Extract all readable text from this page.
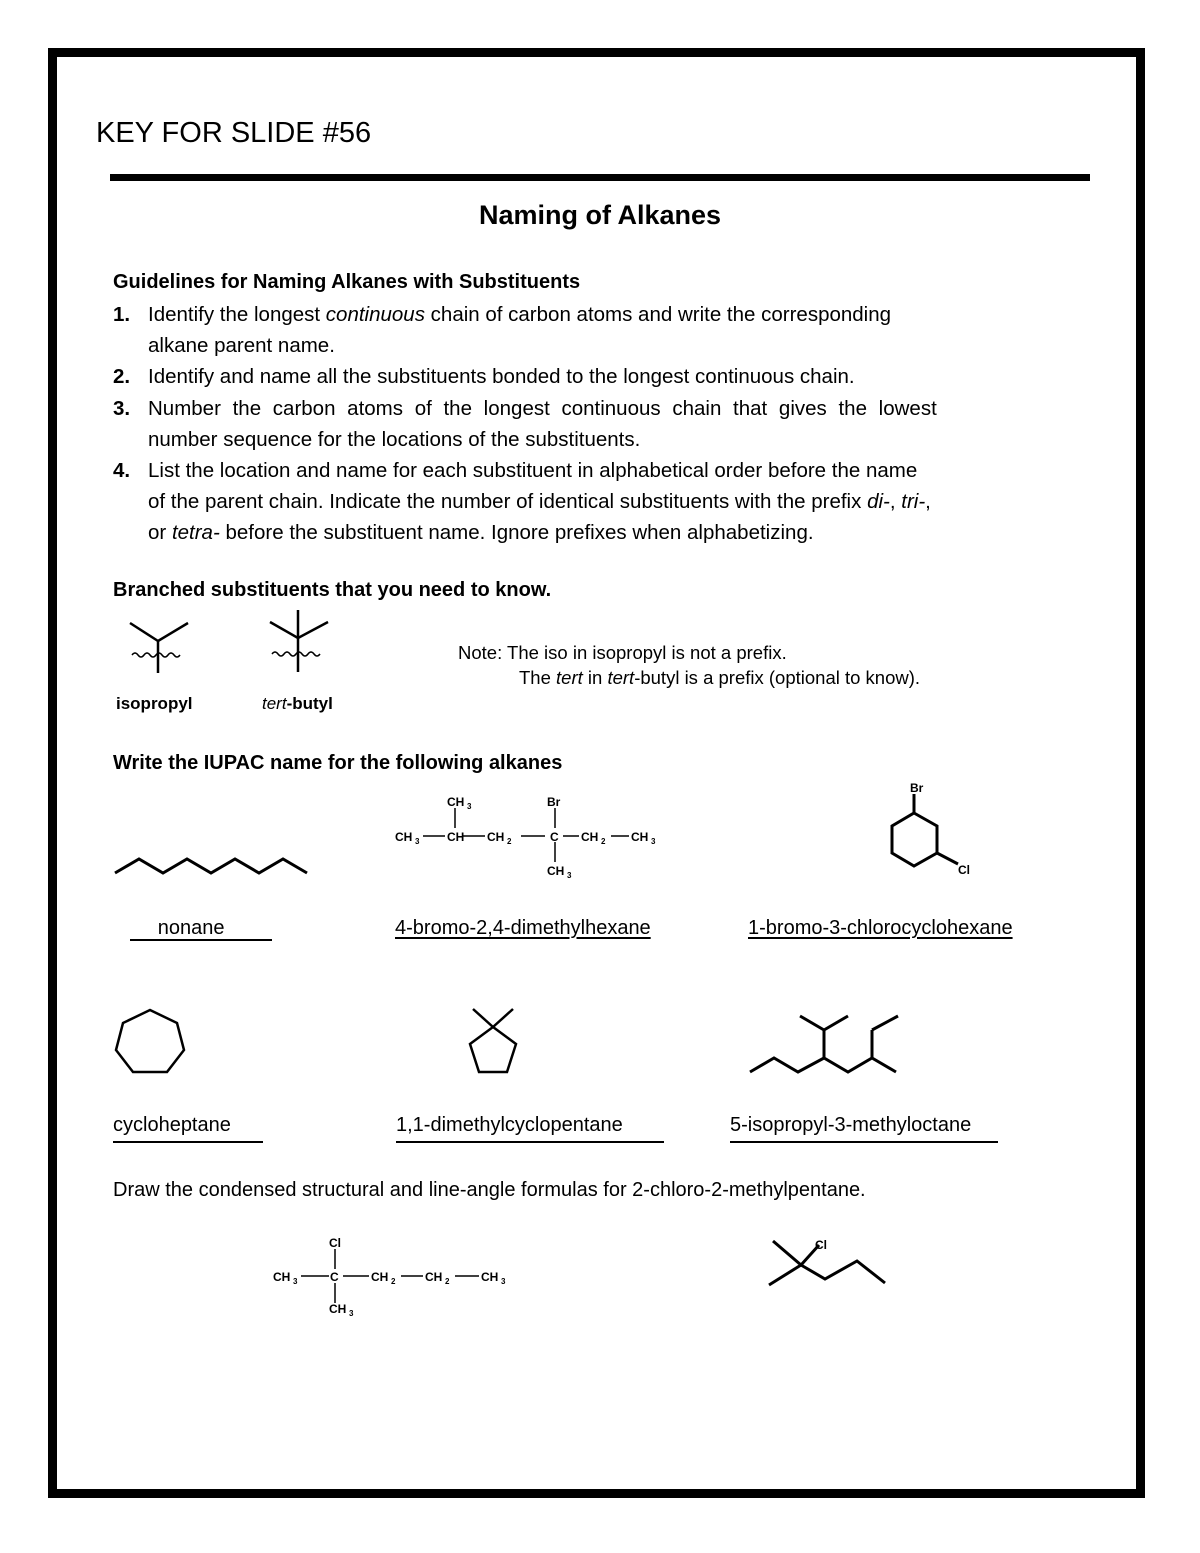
KEY FOR SLIDE #56
Naming of Alkanes
Guidelines for Naming Alkanes with Substituents
1. Identify the longest continuous chain of carbon atoms and write the corresponding
alkane parent name.
2. Identify and name all the substituents bonded to the longest continuous chain.
3. Number the carbon atoms of the longest continuous chain that gives the lowest
number sequence for the locations of the substituents.
4. List the location and name for each substituent in alphabetical order before the name
of the parent chain. Indicate the number of identical substituents with the prefix di-, tri-,
or tetra- before the substituent name. Ignore prefixes when alphabetizing.
Branched substituents that you need to know.
isopropyl	tert-butyl
Note: The iso in isopropyl is not a prefix.
The tert in tert-butyl is a prefix (optional to know).
Write the IUPAC name for the following alkanes
CH 3
CH 3
CH CH 2
Br
C
CH 3
CH 2 CH 3
Br
Cl
nonane	4-bromo-2,4-dimethylhexane	1-bromo-3-chlorocyclohexane
cycloheptane	1,1-dimethylcyclopentane	5-isopropyl-3-methyloctane
Draw the condensed structural and line-angle formulas for 2-chloro-2-methylpentane.
CH 3
Cl
C
CH 3
CH 2 CH 2	CH 3
Cl
